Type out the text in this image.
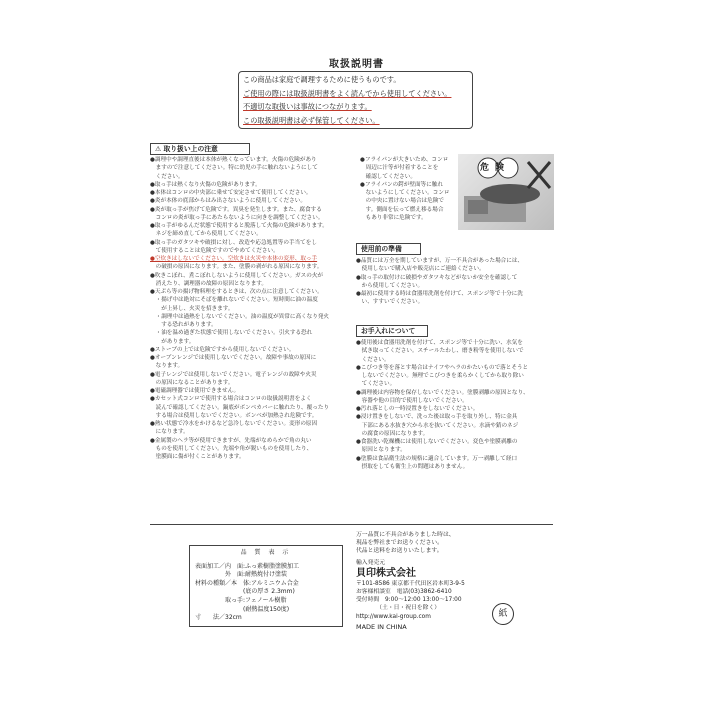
取扱説明書
この商品は家庭で調理するために使うものです。
ご使用の際には取扱説明書をよく読んでから使用してください。
不適切な取扱いは事故につながります。
この取扱説明書は必ず保管してください。
⚠ 取り扱い上の注意

●調理中や調理直後は本体が熱くなっています。火傷の危険があり

　ますので注意してください。特に幼児の手に触れないようにして

　ください。

●取っ手は熱くなり火傷の危険があります。

●本体はコンロの中央部に乗せて安定させて使用してください。

●炎が本体の底部からはみ出さないように使用してください。

●炎が取っ手が焦げて危険です。異臭を発生します。また、腐食する

　コンロの炎が取っ手にあたらないように向きを調整してください。

●取っ手がゆるんだ状態で使用すると脱落して火傷の危険があります。

　ネジを締め直してから使用してください。

●取っ手のガタツキや破損に対し、改造や応急処置等の手当てをし

　て使用することは危険ですのでやめてください。

●空炊きはしないでください。空炊きは火災や本体の変形、取っ手

　の破損の原因になります。また、塗膜の剥がれる原因になります。

●吹きこぼれ、煮こぼれしないように使用してください。ガスの火が

　消えたり、調理器の故障の原因となります。

●天ぷら等の揚げ物料理をするときは、次の点に注意してください。

　・揚げ中は絶対にそばを離れないでください。短時間に油の温度

　　が上昇し、火災を招きます。

　・調理中は過熱をしないでください。油の温度が異常に高くなり発火

　　する恐れがあります。

　・油を温め過ぎた状態で使用しないでください。引火する恐れ

　　があります。

●ストーブの上では危険ですから使用しないでください。

●オーブンレンジでは使用しないでください。故障や事故の原因に

　なります。

●電子レンジでは使用しないでください。電子レンジの故障や火災

　の原因になることがあります。

●電磁調理器では使用できません。

●カセット式コンロで使用する場合はコンロの取扱説明書をよく

　読んで確認してください。鍋底がボンベカバーに触れたり、覆ったり

　する場合は使用しないでください。ボンベが加熱され危険です。

●熱い状態で冷水をかけるなど急冷しないでください。変形の原因

　になります。

●金属製のヘラ等が使用できますが、先端がなめらかで角の丸い

　ものを使用してください。先端や角が鋭いものを使用したり、

　塗膜面に傷が付くことがあります。

●フライパンが大きいため、コンロ

　周辺に汁等が付着することを

　確認してください。

●フライパンの鍔が壁面等に触れ

　ないようにしてください。コンロ

　の中央に置けない場合は危険で

　す。側面を伝って燃え移る場合

　もあり非常に危険です。

危険
使用前の準備

●品質には万全を期していますが、万一不具合があった場合には、

　使用しないで購入店や販売店にご連絡ください。

●取っ手の取付けに破損やガタツキなどがないか安全を確認して

　から使用してください。

●最初に使用する時は食器用洗剤を付けて、スポンジ等で十分に洗

　い、すすいでください。

お手入れについて

●使用後は食器用洗剤を付けて、スポンジ等で十分に洗い、水気を

　拭き取ってください。スチールたわし、磨き粉等を使用しないで

　ください。

●こびつき等を落とす場合はナイフやヘラのかたいもので落とそうと

　しないでください。無理でこびつきを柔らかくしてから取り除い

　てください。

●調理後は内容物を保存しないでください。塗膜剥離の原因となり、

　容器や他の目的で使用しないでください。

●汚れ落としの一時浸置きをしないでください。

●浸け置きをしないで、洗った後は取っ手を取り外し、特に金具

　下部にある水抜き穴から水を抜いてください。水滴や錆のネジ

　の腐食の原因になります。

●食器洗い乾燥機には使用しないでください。変色や塗膜剥離の

　原因となります。

●塗膜は食品衛生法の規格に適合しています。万一剥離して経口

　摂取をしても衛生上の問題はありません。

品 質 表 示

表面加工／内　面:ふっ素樹脂塗膜加工

　　　　　外　面:耐熱焼付け塗装

材料の種類／本　体:アルミニウム合金

　　　　　　　　(底の厚さ 2.3mm)

　　　　　取っ手:フェノール樹脂

　　　　　　　　(耐熱温度150度)

寸　　法／32cm

万一品質に不具合がありました時は、

現品を弊社までお送りください。

代品と送料をお送りいたします。

輸入発売元

貝印株式会社

〒101-8586 東京都千代田区岩本町3-9-5

お客様相談室　電話(03)3862-6410

受付時間　9:00～12:00 13:00～17:00

　　　　（土・日・祝日を除く）

http://www.kai-group.com

MADE IN CHINA

紙
